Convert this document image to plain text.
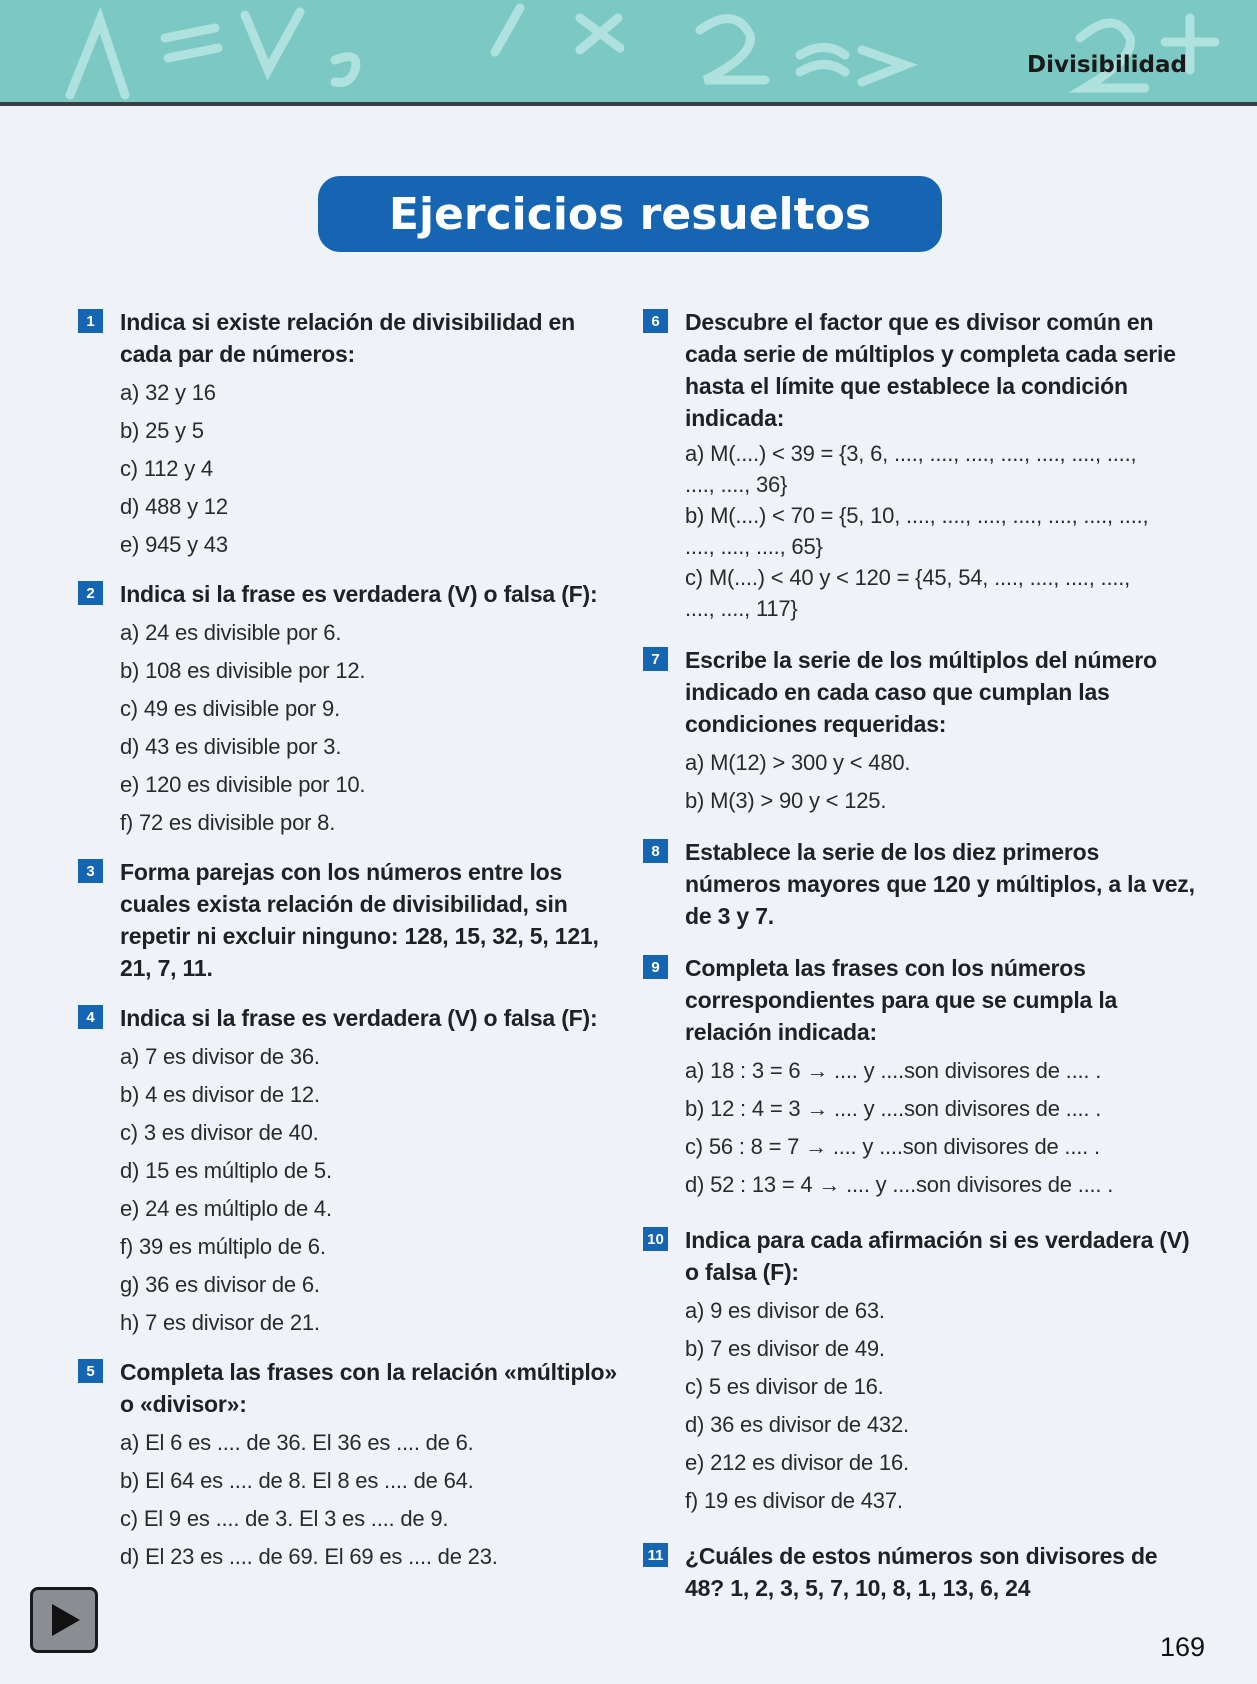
Divisibilidad
Ejercicios resueltos
1	Indica si existe relación de divisibilidad en cada par de números:
a) 32 y 16
b) 25 y 5
c) 112 y 4
d) 488 y 12
e) 945 y 43
2	Indica si la frase es verdadera (V) o falsa (F):
a) 24 es divisible por 6.
b) 108 es divisible por 12.
c) 49 es divisible por 9.
d) 43 es divisible por 3.
e) 120 es divisible por 10.
f) 72 es divisible por 8.
3	Forma parejas con los números entre los cuales exista relación de divisibilidad, sin repetir ni excluir ninguno: 128, 15, 32, 5, 121, 21, 7, 11.
4	Indica si la frase es verdadera (V) o falsa (F):
a) 7 es divisor de 36.
b) 4 es divisor de 12.
c) 3 es divisor de 40.
d) 15 es múltiplo de 5.
e) 24 es múltiplo de 4.
f) 39 es múltiplo de 6.
g) 36 es divisor de 6.
h) 7 es divisor de 21.
5	Completa las frases con la relación «múltiplo» o «divisor»:
a) El 6 es .... de 36. El 36 es .... de 6.
b) El 64 es .... de 8. El 8 es .... de 64.
c) El 9 es .... de 3. El 3 es .... de 9.
d) El 23 es .... de 69. El 69 es .... de 23.
6	Descubre el factor que es divisor común en cada serie de múltiplos y completa cada serie hasta el límite que establece la condición indicada:
a) M(....) < 39 = {3, 6, ...., ...., ...., ...., ...., ...., ....,
...., ...., 36}
b) M(....) < 70 = {5, 10, ...., ...., ...., ...., ...., ...., ....,
...., ...., ...., 65}
c) M(....) < 40 y < 120 = {45, 54, ...., ...., ...., ....,
...., ...., 117}
7	Escribe la serie de los múltiplos del número indicado en cada caso que cumplan las condiciones requeridas:
a) M(12) > 300 y < 480.
b) M(3) > 90 y < 125.
8	Establece la serie de los diez primeros números mayores que 120 y múltiplos, a la vez, de 3 y 7.
9	Completa las frases con los números correspondientes para que se cumpla la relación indicada:
a) 18 : 3 = 6 → .... y ....son divisores de .... .
b) 12 : 4 = 3 → .... y ....son divisores de .... .
c) 56 : 8 = 7 → .... y ....son divisores de .... .
d) 52 : 13 = 4 → .... y ....son divisores de .... .
10 Indica para cada afirmación si es verdadera (V) o falsa (F):
a) 9 es divisor de 63.
b) 7 es divisor de 49.
c) 5 es divisor de 16.
d) 36 es divisor de 432.
e) 212 es divisor de 16.
f) 19 es divisor de 437.
11 ¿Cuáles de estos números son divisores de 48? 1, 2, 3, 5, 7, 10, 8, 1, 13, 6, 24
169
